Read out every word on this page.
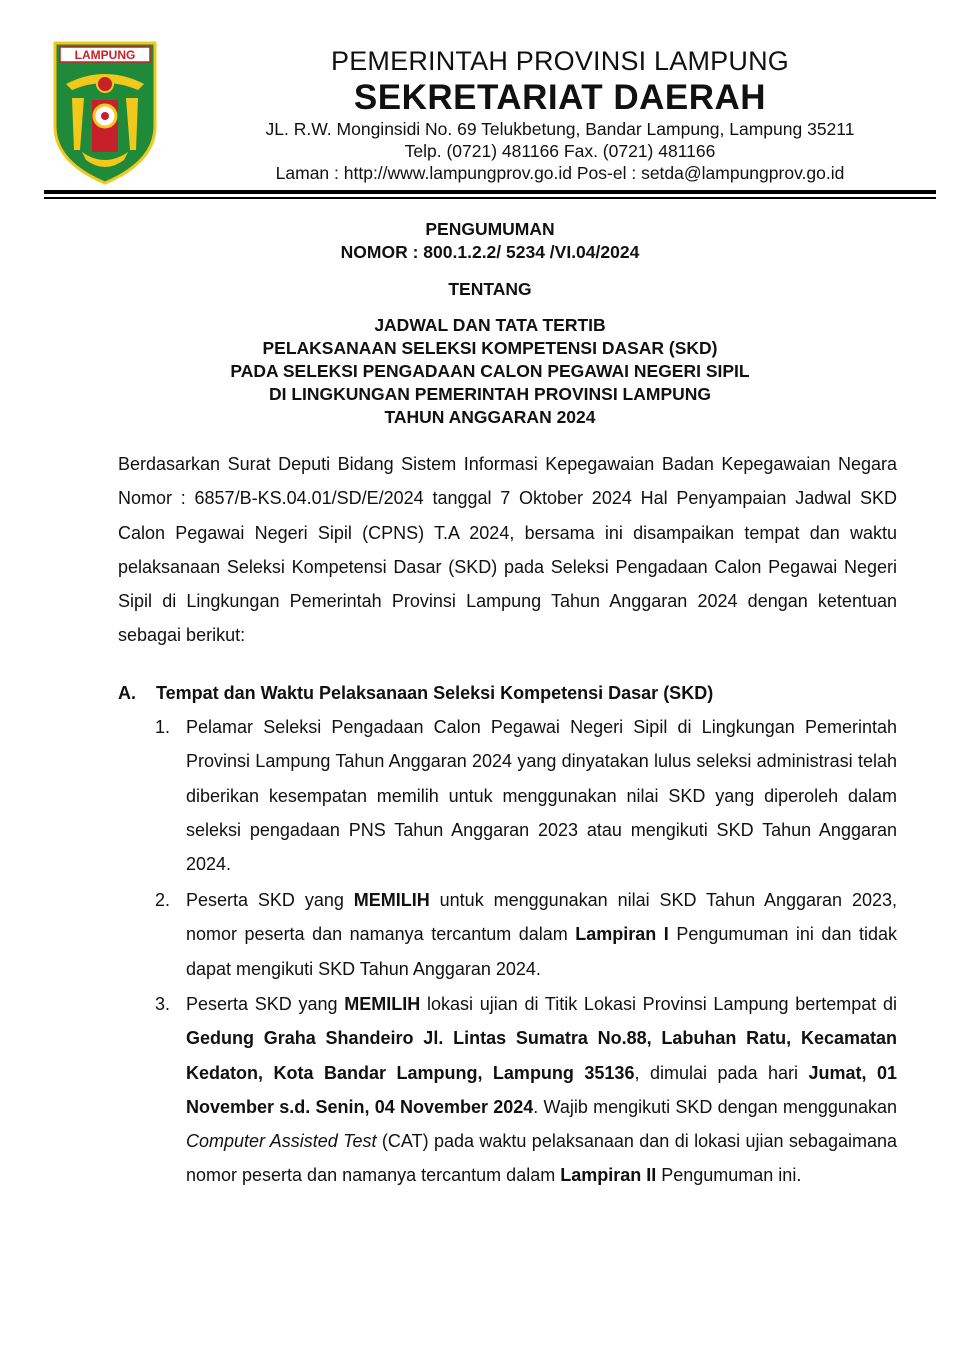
LAMPUNG	PEMERINTAH PROVINSI LAMPUNG
SEKRETARIAT DAERAH
JL. R.W. Monginsidi No. 69 Telukbetung, Bandar Lampung, Lampung 35211
Telp. (0721) 481166 Fax. (0721) 481166
Laman : http://www.lampungprov.go.id Pos-el : setda@lampungprov.go.id
PENGUMUMAN
NOMOR : 800.1.2.2/ 5234 /VI.04/2024
TENTANG
JADWAL DAN TATA TERTIB
PELAKSANAAN SELEKSI KOMPETENSI DASAR (SKD)
PADA SELEKSI PENGADAAN CALON PEGAWAI NEGERI SIPIL
DI LINGKUNGAN PEMERINTAH PROVINSI LAMPUNG
TAHUN ANGGARAN 2024
Berdasarkan Surat Deputi Bidang Sistem Informasi Kepegawaian Badan Kepegawaian Negara Nomor : 6857/B-KS.04.01/SD/E/2024 tanggal 7 Oktober 2024 Hal Penyampaian Jadwal SKD Calon Pegawai Negeri Sipil (CPNS) T.A 2024, bersama ini disampaikan tempat dan waktu pelaksanaan Seleksi Kompetensi Dasar (SKD) pada Seleksi Pengadaan Calon Pegawai Negeri Sipil di Lingkungan Pemerintah Provinsi Lampung Tahun Anggaran 2024 dengan ketentuan sebagai berikut:
A. Tempat dan Waktu Pelaksanaan Seleksi Kompetensi Dasar (SKD)
1. Pelamar Seleksi Pengadaan Calon Pegawai Negeri Sipil di Lingkungan Pemerintah Provinsi Lampung Tahun Anggaran 2024 yang dinyatakan lulus seleksi administrasi telah diberikan kesempatan memilih untuk menggunakan nilai SKD yang diperoleh dalam seleksi pengadaan PNS Tahun Anggaran 2023 atau mengikuti SKD Tahun Anggaran 2024.
2. Peserta SKD yang MEMILIH untuk menggunakan nilai SKD Tahun Anggaran 2023, nomor peserta dan namanya tercantum dalam Lampiran I Pengumuman ini dan tidak dapat mengikuti SKD Tahun Anggaran 2024.
3. Peserta SKD yang MEMILIH lokasi ujian di Titik Lokasi Provinsi Lampung bertempat di Gedung Graha Shandeiro Jl. Lintas Sumatra No.88, Labuhan Ratu, Kecamatan Kedaton, Kota Bandar Lampung, Lampung 35136, dimulai pada hari Jumat, 01 November s.d. Senin, 04 November 2024. Wajib mengikuti SKD dengan menggunakan Computer Assisted Test (CAT) pada waktu pelaksanaan dan di lokasi ujian sebagaimana nomor peserta dan namanya tercantum dalam Lampiran II Pengumuman ini.
